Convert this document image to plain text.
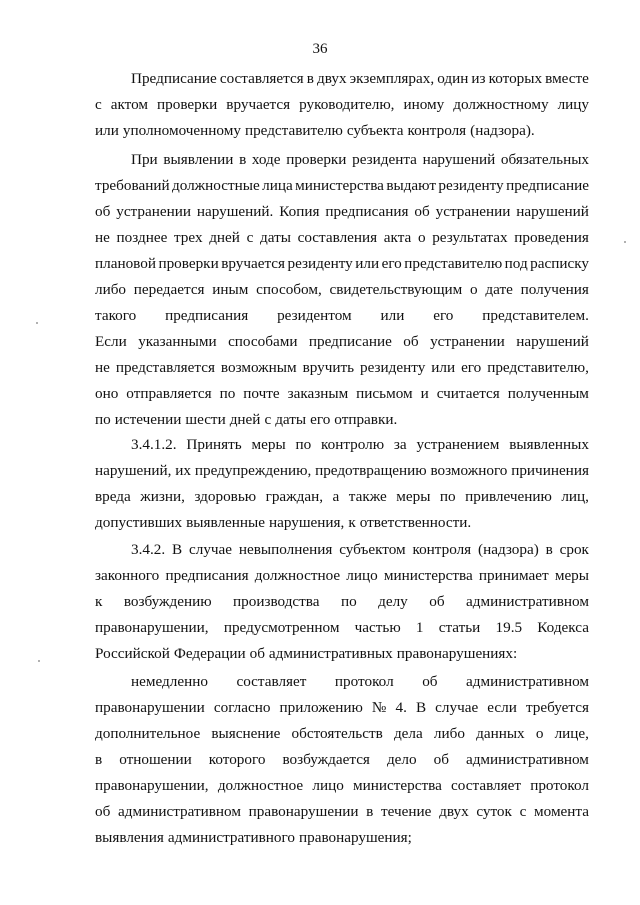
36
Предписание составляется в двух экземплярах, один из которых вместе
с актом проверки вручается руководителю, иному должностному лицу
или уполномоченному представителю субъекта контроля (надзора).
При выявлении в ходе проверки резидента нарушений обязательных
требований должностные лица министерства выдают резиденту предписание
об устранении нарушений. Копия предписания об устранении нарушений
не позднее трех дней с даты составления акта о результатах проведения
плановой проверки вручается резиденту или его представителю под расписку
либо передается иным способом, свидетельствующим о дате получения
такого предписания резидентом или его представителем.
Если указанными способами предписание об устранении нарушений
не представляется возможным вручить резиденту или его представителю,
оно отправляется по почте заказным письмом и считается полученным
по истечении шести дней с даты его отправки.
3.4.1.2. Принять меры по контролю за устранением выявленных
нарушений, их предупреждению, предотвращению возможного причинения
вреда жизни, здоровью граждан, а также меры по привлечению лиц,
допустивших выявленные нарушения, к ответственности.
3.4.2. В случае невыполнения субъектом контроля (надзора) в срок
законного предписания должностное лицо министерства принимает меры
к возбуждению производства по делу об административном
правонарушении, предусмотренном частью 1 статьи 19.5 Кодекса
Российской Федерации об административных правонарушениях:
немедленно составляет протокол об административном
правонарушении согласно приложению № 4. В случае если требуется
дополнительное выяснение обстоятельств дела либо данных о лице,
в отношении которого возбуждается дело об административном
правонарушении, должностное лицо министерства составляет протокол
об административном правонарушении в течение двух суток с момента
выявления административного правонарушения;
